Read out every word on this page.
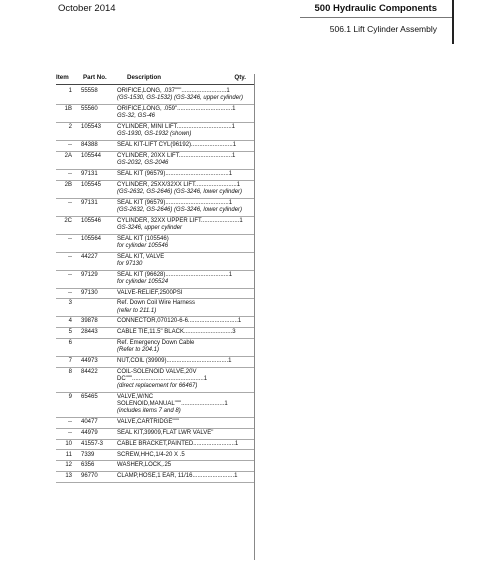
October 2014	500 Hydraulic Components
506.1 Lift Cylinder Assembly
Item Part No.	Description	Qty.
1	55558	ORIFICE,LONG, .037"""...........................1
(GS-1530, GS-1532) (GS-3246, upper cylinder)
1B	55560	ORIFICE,LONG, .059".................................1
GS-32, GS-46
2	105543	CYLINDER, MINI LIFT.................................1
GS-1930, GS-1932 (shown)
--	84388	SEAL KIT-LIFT CYL(96192).........................1
2A	105544	CYLINDER, 20XX LIFT................................1
GS-2032, GS-2046
--	97131	SEAL KIT (96579)......................................1
2B	105545	CYLINDER, 25XX/32XX LIFT.........................1
(GS-2632, GS-2646) (GS-3246, lower cylinder)
--	97131	SEAL KIT (96579)......................................1
(GS-2632, GS-2646) (GS-3246, lower cylinder)
2C	105546	CYLINDER, 32XX UPPER LIFT.......................1
GS-3246, upper cylinder
--	105564	SEAL KIT (105546)
for cylinder 105546
--	44227	SEAL KIT, VALVE
for 97130
--	97129	SEAL KIT (96628)......................................1
for cylinder 105524
--	97130	VALVE-RELIEF,2500PSI
3	Ref. Down Coil Wire Harness
(refer to 211.1)
4	39878	CONNECTOR,070120-6-6..............................1
5	28443	CABLE TIE,11.5" BLACK.............................3
6	Ref. Emergency Down Cable
(Refer to 204.1)
7	44973	NUT,COIL (39909).....................................1
8	84422	COIL-SOLENOID VALVE,20V DC"""...........................................1
(direct replacement for 66467)
9	65465	VALVE,W/NC SOLENOID,MANUAL"""..........................1
(includes items 7 and 8)
--	40477	VALVE,CARTRIDGE"""
--	44979	SEAL KIT,39909,FLAT LWR VALVE"
10	41557-3	CABLE BRACKET,PAINTED.........................1
11	7339	SCREW,HHC,1/4-20 X .5
12	6356	WASHER,LOCK,.25
13	96770	CLAMP,HOSE,1 EAR, 11/16.........................1
